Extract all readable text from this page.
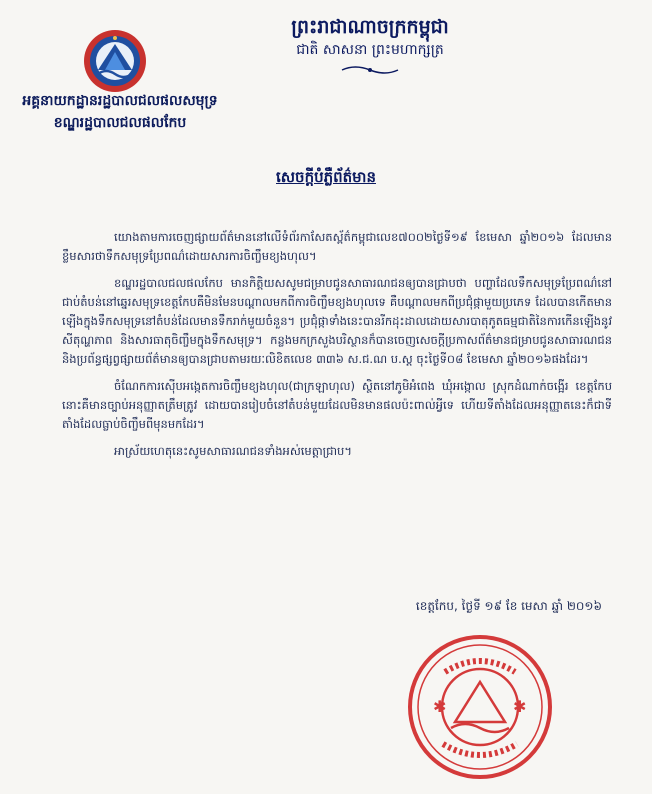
អគ្គនាយកដ្ឋានរដ្ឋបាលជលផលសមុទ្រ
ខណ្ឌរដ្ឋបាលជលផលកែប
ព្រះរាជាណាចក្រកម្ពុជា
ជាតិ សាសនា ព្រះមហាក្សត្រ
សេចក្តីបំភ្លឺព័ត៌មាន

យោងតាមការចេញផ្សាយព័ត៌មាននៅលើទំព័រកាសែតស្ព័ត៌កម្ពុជាលេខ៧០០២ថ្ងៃទី១៩ ខែមេសា ឆ្នាំ២០១៦ ដែលមានខ្លឹមសារថាទឹកសមុទ្រប្រែពណ៌ដោយសារការចិញ្ចឹមខ្យងហុល។

ខណ្ឌរដ្ឋបាលជលផលកែប មានកិត្តិយសសូមជម្រាបជូនសាធារណជនឲ្យបានជ្រាបថា បញ្ហាដែលទឹកសមុទ្រប្រែពណ៌នៅជាប់តំបន់នៅឆ្នេរសមុទ្រខេត្តកែបគឺមិនមែនបណ្តាលមកពីការចិញ្ចឹមខ្យងហុលទេ គឺបណ្តាលមកពីប្រជុំផ្កាមួយប្រភេទ ដែលបានកើតមានឡើងក្នុងទឹកសមុទ្រនៅតំបន់ដែលមានទឹករាក់មួយចំនួន។ ប្រជុំផ្កាទាំងនេះបានរីកដុះដាលដោយសារបាតុភូតធម្មជាតិនៃការកើនឡើងនូវសីតុណ្ហភាព និងសារធាតុចិញ្ចឹមក្នុងទឹកសមុទ្រ។ កន្លងមកក្រសួងបរិស្ថានក៏បានចេញសេចក្តីប្រកាសព័ត៌មានជម្រាបជូនសាធារណជន និងប្រព័ន្ធផ្សព្វផ្សាយព័ត៌មានឲ្យបានជ្រាបតាមរយៈលិខិតលេខ ៣៣៦ ស.ជ.ណ ប.ស្ត ចុះថ្ងៃទី០៨ ខែមេសា ឆ្នាំ២០១៦ផងដែរ។

ចំណែកការស៊ើបអង្កេតការចិញ្ចឹមខ្យងហុល(ជាក្រឡាហុល) ស្ថិតនៅភូមិអំពេង ឃុំអង្កោល ស្រុកដំណាក់ចង្អើរ ខេត្តកែបនោះគឺមានច្បាប់អនុញ្ញាតត្រឹមត្រូវ ដោយបានរៀបចំនៅតំបន់មួយដែលមិនមានផលប៉ះពាល់អ្វីទេ ហើយទីតាំងដែលអនុញ្ញាតនេះក៏ជាទីតាំងដែលធ្លាប់ចិញ្ចឹមពីមុនមកដែរ។

អាស្រ័យហេតុនេះសូមសាធារណជនទាំងអស់មេត្តាជ្រាប។

ខេត្តកែប, ថ្ងៃទី ១៩ ខែ មេសា ឆ្នាំ ២០១៦
✱	✱
